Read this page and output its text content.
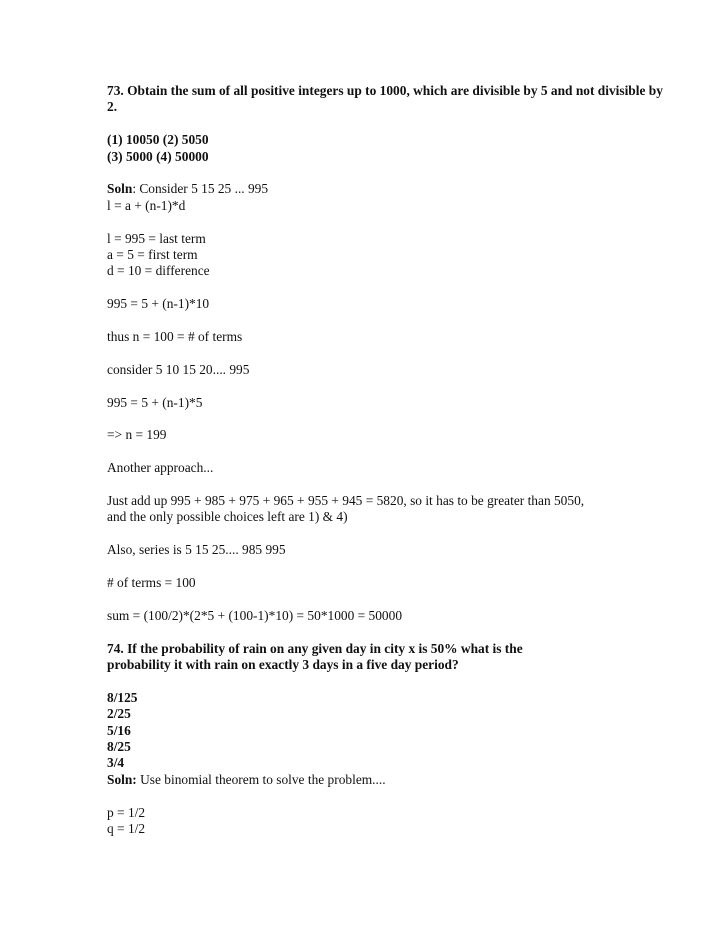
73. Obtain the sum of all positive integers up to 1000, which are divisible by 5 and not divisible by 2.
(1) 10050 (2) 5050
(3) 5000 (4) 50000
Soln: Consider 5 15 25 ... 995
l = a + (n-1)*d
l = 995 = last term
a = 5 = first term
d = 10 = difference
995 = 5 + (n-1)*10
thus n = 100 = # of terms
consider 5 10 15 20.... 995
995 = 5 + (n-1)*5
=> n = 199
Another approach...
Just add up 995 + 985 + 975 + 965 + 955 + 945 = 5820, so it has to be greater than 5050,
and the only possible choices left are 1) & 4)
Also, series is 5 15 25.... 985 995
# of terms = 100
sum = (100/2)*(2*5 + (100-1)*10) = 50*1000 = 50000
74. If the probability of rain on any given day in city x is 50% what is the
probability it with rain on exactly 3 days in a five day period?
8/125
2/25
5/16
8/25
3/4
Soln: Use binomial theorem to solve the problem....
p = 1/2
q = 1/2
